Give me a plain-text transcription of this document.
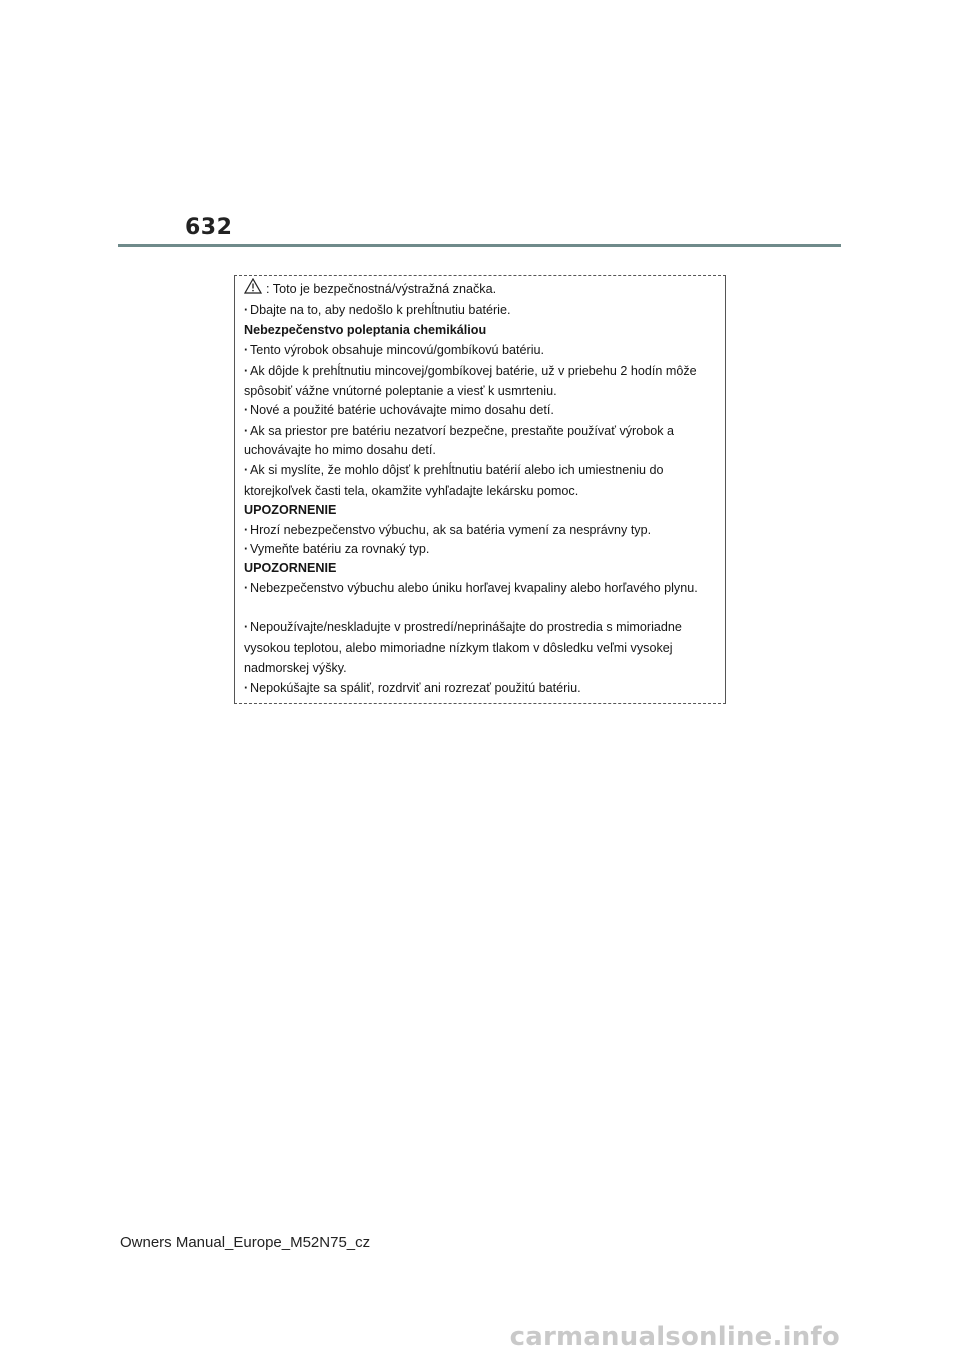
632
: Toto je bezpečnostná/výstražná značka.
· Dbajte na to, aby nedošlo k prehĺtnutiu batérie.
Nebezpečenstvo poleptania chemikáliou
· Tento výrobok obsahuje mincovú/gombíkovú batériu.
· Ak dôjde k prehĺtnutiu mincovej/gombíkovej batérie, už v priebehu 2 hodín môže
spôsobiť vážne vnútorné poleptanie a viesť k usmrteniu.
· Nové a použité batérie uchovávajte mimo dosahu detí.
· Ak sa priestor pre batériu nezatvorí bezpečne, prestaňte používať výrobok a
uchovávajte ho mimo dosahu detí.
· Ak si myslíte, že mohlo dôjsť k prehĺtnutiu batérií alebo ich umiestneniu do
ktorejkoľvek časti tela, okamžite vyhľadajte lekársku pomoc.
UPOZORNENIE
· Hrozí nebezpečenstvo výbuchu, ak sa batéria vymení za nesprávny typ.
· Vymeňte batériu za rovnaký typ.
UPOZORNENIE
· Nebezpečenstvo výbuchu alebo úniku horľavej kvapaliny alebo horľavého plynu.
· Nepoužívajte/neskladujte v prostredí/neprinášajte do prostredia s mimoriadne
vysokou teplotou, alebo mimoriadne nízkym tlakom v dôsledku veľmi vysokej
nadmorskej výšky.
· Nepokúšajte sa spáliť, rozdrviť ani rozrezať použitú batériu.
Owners Manual_Europe_M52N75_cz
carmanualsonline.info
